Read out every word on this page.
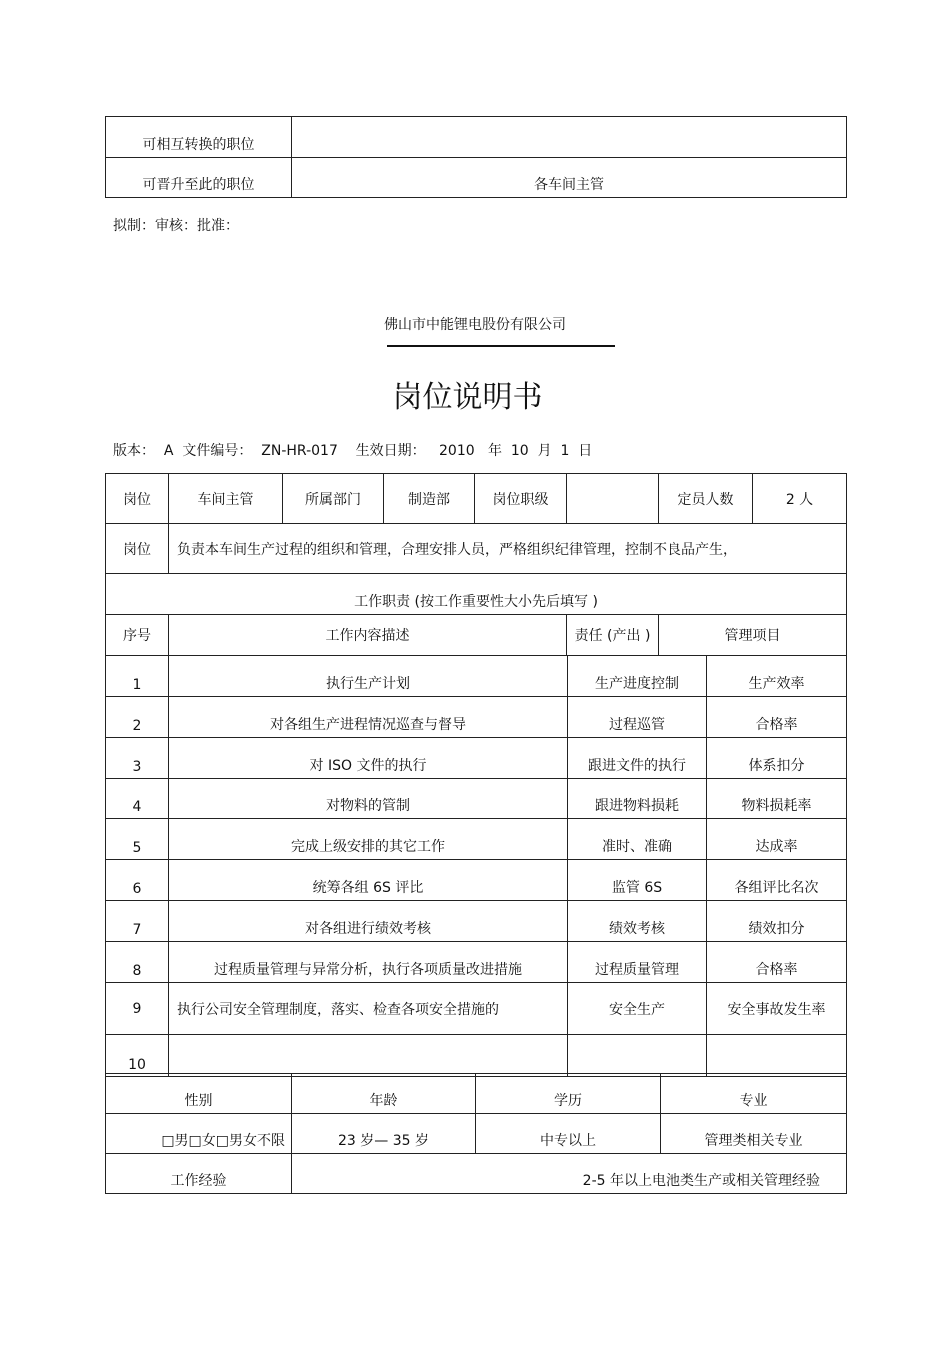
可相互转换的职位	
可晋升至此的职位	各车间主管
拟制：审核：批准：
佛山市中能锂电股份有限公司
岗位说明书
版本：  A  文件编号：  ZN-HR-017    生效日期：   2010   年  10  月  1  日
岗位	车间主管	所属部门	制造部	岗位职级		定员人数	2 人
岗位	负责本车间生产过程的组织和管理，合理安排人员，严格组织纪律管理，控制不良品产生，						
工作职责 (按工作重要性大小先后填写 )							
序号	工作内容描述				责任 (产出 )	管理项目	
1	执行生产计划	生产进度控制	生产效率
2	对各组生产进程情况巡查与督导	过程巡管	合格率
3	对 ISO 文件的执行	跟进文件的执行	体系扣分
4	对物料的管制	跟进物料损耗	物料损耗率
5	完成上级安排的其它工作	准时、准确	达成率
6	统筹各组 6S 评比	监管 6S	各组评比名次
7	对各组进行绩效考核	绩效考核	绩效扣分
8	过程质量管理与异常分析，执行各项质量改进措施	过程质量管理	合格率
9	执行公司安全管理制度，落实、检查各项安全措施的	安全生产	安全事故发生率
10			
性别	年龄	学历	专业
□男□女□男女不限	23 岁— 35 岁	中专以上	管理类相关专业
工作经验	2-5 年以上电池类生产或相关管理经验		
